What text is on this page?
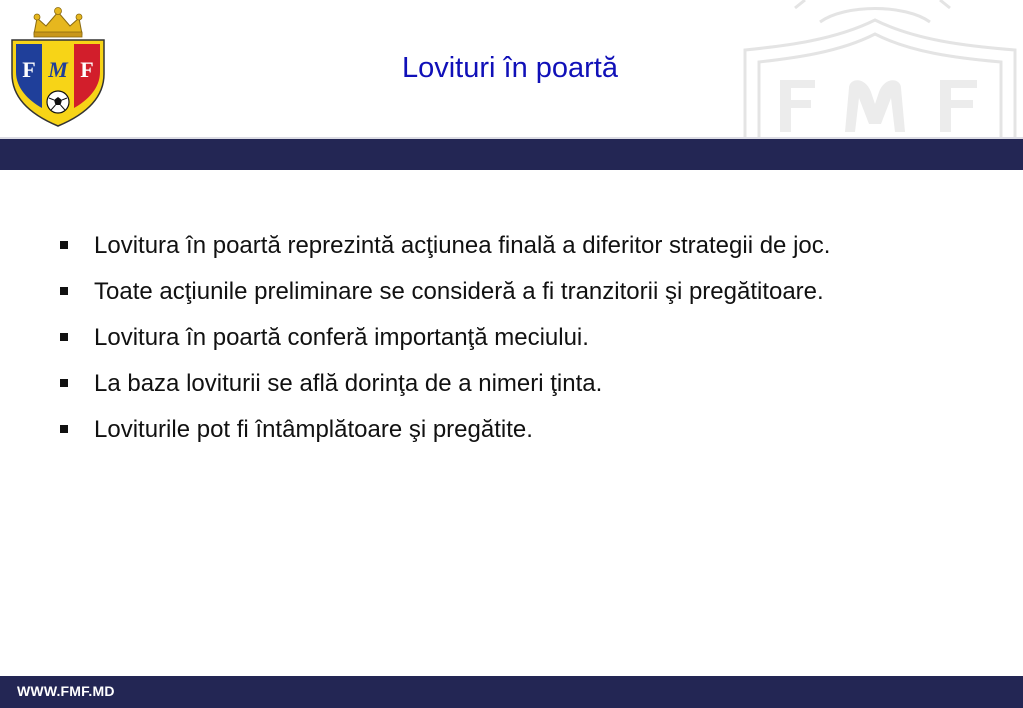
F M F	Lovituri în poartă
Lovitura în poartă reprezintă acţiunea finală a diferitor strategii de joc.
Toate acţiunile preliminare se consideră a fi tranzitorii şi pregătitoare.
Lovitura în poartă conferă importanţă meciului.
La baza loviturii se află dorinţa de a nimeri ţinta.
Loviturile pot fi întâmplătoare şi pregătite.
WWW.FMF.MD
